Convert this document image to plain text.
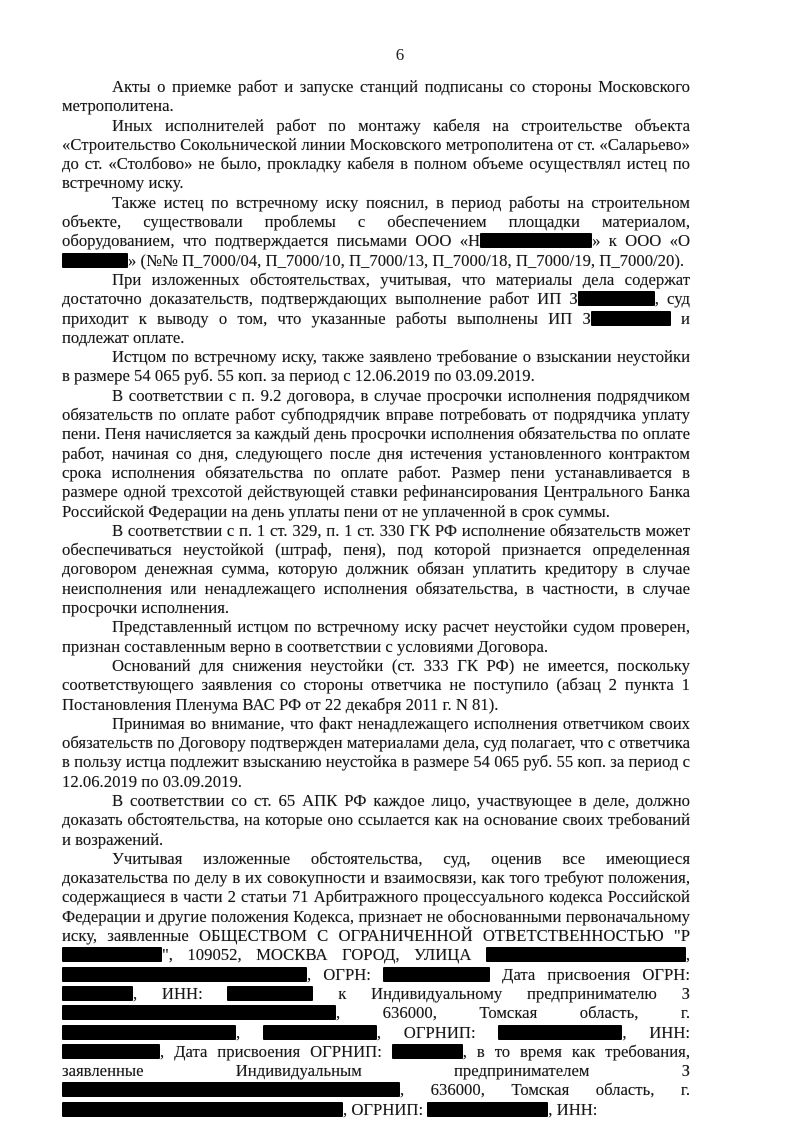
6

Акты о приемке работ и запуске станций подписаны со стороны Московского метрополитена.

Иных исполнителей работ по монтажу кабеля на строительстве объекта «Строительство Сокольнической линии Московского метрополитена от ст. «Саларьево» до ст. «Столбово» не было, прокладку кабеля в полном объеме осуществлял истец по встречному иску.

Также истец по встречному иску пояснил, в период работы на строительном объекте, существовали проблемы с обеспечением площадки материалом, оборудованием, что подтверждается письмами ООО «Н	» к ООО «О» (№№ П_7000/04, П_7000/10, П_7000/13, П_7000/18, П_7000/19, П_7000/20).

При изложенных обстоятельствах, учитывая, что материалы дела содержат достаточно доказательств, подтверждающих выполнение работ ИП З	, суд приходит к выводу о том, что указанные работы выполнены ИП З	и подлежат оплате.

Истцом по встречному иску, также заявлено требование о взыскании неустойки в размере 54 065 руб. 55 коп. за период с 12.06.2019 по 03.09.2019.

В соответствии с п. 9.2 договора, в случае просрочки исполнения подрядчиком обязательств по оплате работ субподрядчик вправе потребовать от подрядчика уплату пени. Пеня начисляется за каждый день просрочки исполнения обязательства по оплате работ, начиная со дня, следующего после дня истечения установленного контрактом срока исполнения обязательства по оплате работ. Размер пени устанавливается в размере одной трехсотой действующей ставки рефинансирования Центрального Банка Российской Федерации на день уплаты пени от не уплаченной в срок суммы.

В соответствии с п. 1 ст. 329, п. 1 ст. 330 ГК РФ исполнение обязательств может обеспечиваться неустойкой (штраф, пеня), под которой признается определенная договором денежная сумма, которую должник обязан уплатить кредитору в случае неисполнения или ненадлежащего исполнения обязательства, в частности, в случае просрочки исполнения.

Представленный истцом по встречному иску расчет неустойки судом проверен, признан составленным верно в соответствии с условиями Договора.

Оснований для снижения неустойки (ст. 333 ГК РФ) не имеется, поскольку соответствующего заявления со стороны ответчика не поступило (абзац 2 пункта 1 Постановления Пленума ВАС РФ от 22 декабря 2011 г. N 81).

Принимая во внимание, что факт ненадлежащего исполнения ответчиком своих обязательств по Договору подтвержден материалами дела, суд полагает, что с ответчика в пользу истца подлежит взысканию неустойка в размере 54 065 руб. 55 коп. за период с 12.06.2019 по 03.09.2019.

В соответствии со ст. 65 АПК РФ каждое лицо, участвующее в деле, должно доказать обстоятельства, на которые оно ссылается как на основание своих требований и возражений.

Учитывая изложенные обстоятельства, суд, оценив все имеющиеся доказательства по делу в их совокупности и взаимосвязи, как того требуют положения, содержащиеся в части 2 статьи 71 Арбитражного процессуального кодекса Российской Федерации и другие положения Кодекса, признает не обоснованными первоначальному иску, заявленные ОБЩЕСТВОМ С ОГРАНИЧЕННОЙ ОТВЕТСТВЕННОСТЬЮ "Р", 109052, МОСКВА ГОРОД, УЛИЦА	, , ОГРН:	Дата присвоения ОГРН: , ИНН:	к Индивидуальному предпринимателю З, 636000, Томская область, г. ,	, ОГРНИП:	, ИНН: , Дата присвоения ОГРНИП:	, в то время как требования, заявленные Индивидуальным предпринимателем З, 636000, Томская область, г. , ОГРНИП:	, ИНН:
